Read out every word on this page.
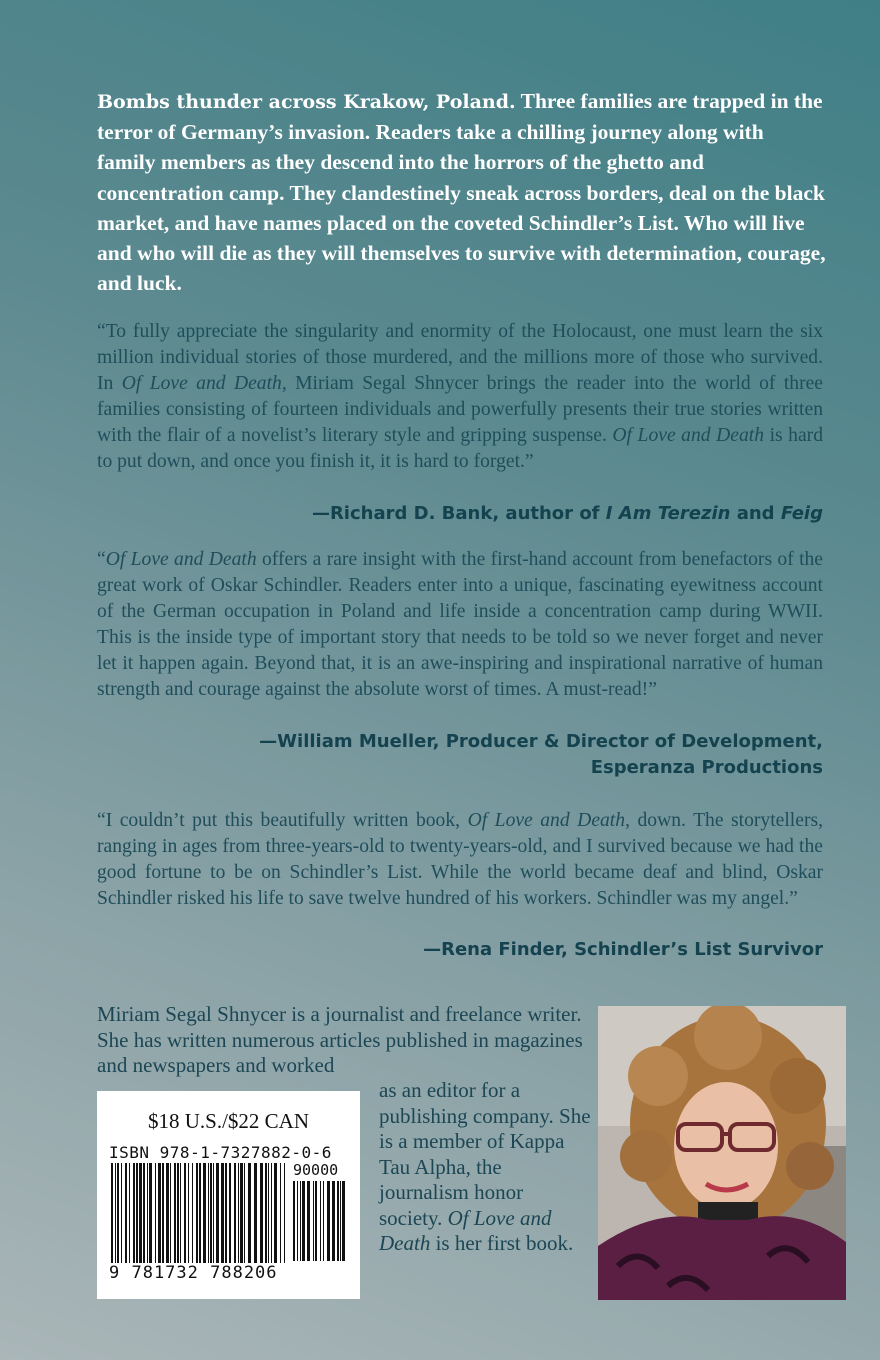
Bombs thunder across Krakow, Poland. Three families are trapped in the terror of Germany’s invasion. Readers take a chilling journey along with family members as they descend into the horrors of the ghetto and concentration camp. They clandestinely sneak across borders, deal on the black market, and have names placed on the coveted Schindler’s List. Who will live and who will die as they will themselves to survive with determination, courage, and luck.
“To fully appreciate the singularity and enormity of the Holocaust, one must learn the six million individual stories of those murdered, and the millions more of those who survived. In Of Love and Death, Miriam Segal Shnycer brings the reader into the world of three families consisting of fourteen individuals and powerfully presents their true stories written with the flair of a novelist’s literary style and gripping suspense. Of Love and Death is hard to put down, and once you finish it, it is hard to forget.”
—Richard D. Bank, author of I Am Terezin and Feig
“Of Love and Death offers a rare insight with the first-hand account from benefactors of the great work of Oskar Schindler. Readers enter into a unique, fascinating eyewitness account of the German occupation in Poland and life inside a concentration camp during WWII. This is the inside type of important story that needs to be told so we never forget and never let it happen again. Beyond that, it is an awe-inspiring and inspirational narrative of human strength and courage against the absolute worst of times. A must-read!”
—William Mueller, Producer & Director of Development,
Esperanza Productions
“I couldn’t put this beautifully written book, Of Love and Death, down. The storytellers, ranging in ages from three-years-old to twenty-years-old, and I survived because we had the good fortune to be on Schindler’s List. While the world became deaf and blind, Oskar Schindler risked his life to save twelve hundred of his workers. Schindler was my angel.”
—Rena Finder, Schindler’s List Survivor
Miriam Segal Shnycer is a journalist and freelance writer. She has written numerous articles published in magazines and newspapers and worked
as an editor for a publishing company. She is a member of Kappa Tau Alpha, the journalism honor society. Of Love and Death is her first book.
$18 U.S./$22 CAN
ISBN 978-1-7327882-0-6
90000
9 781732 788206
